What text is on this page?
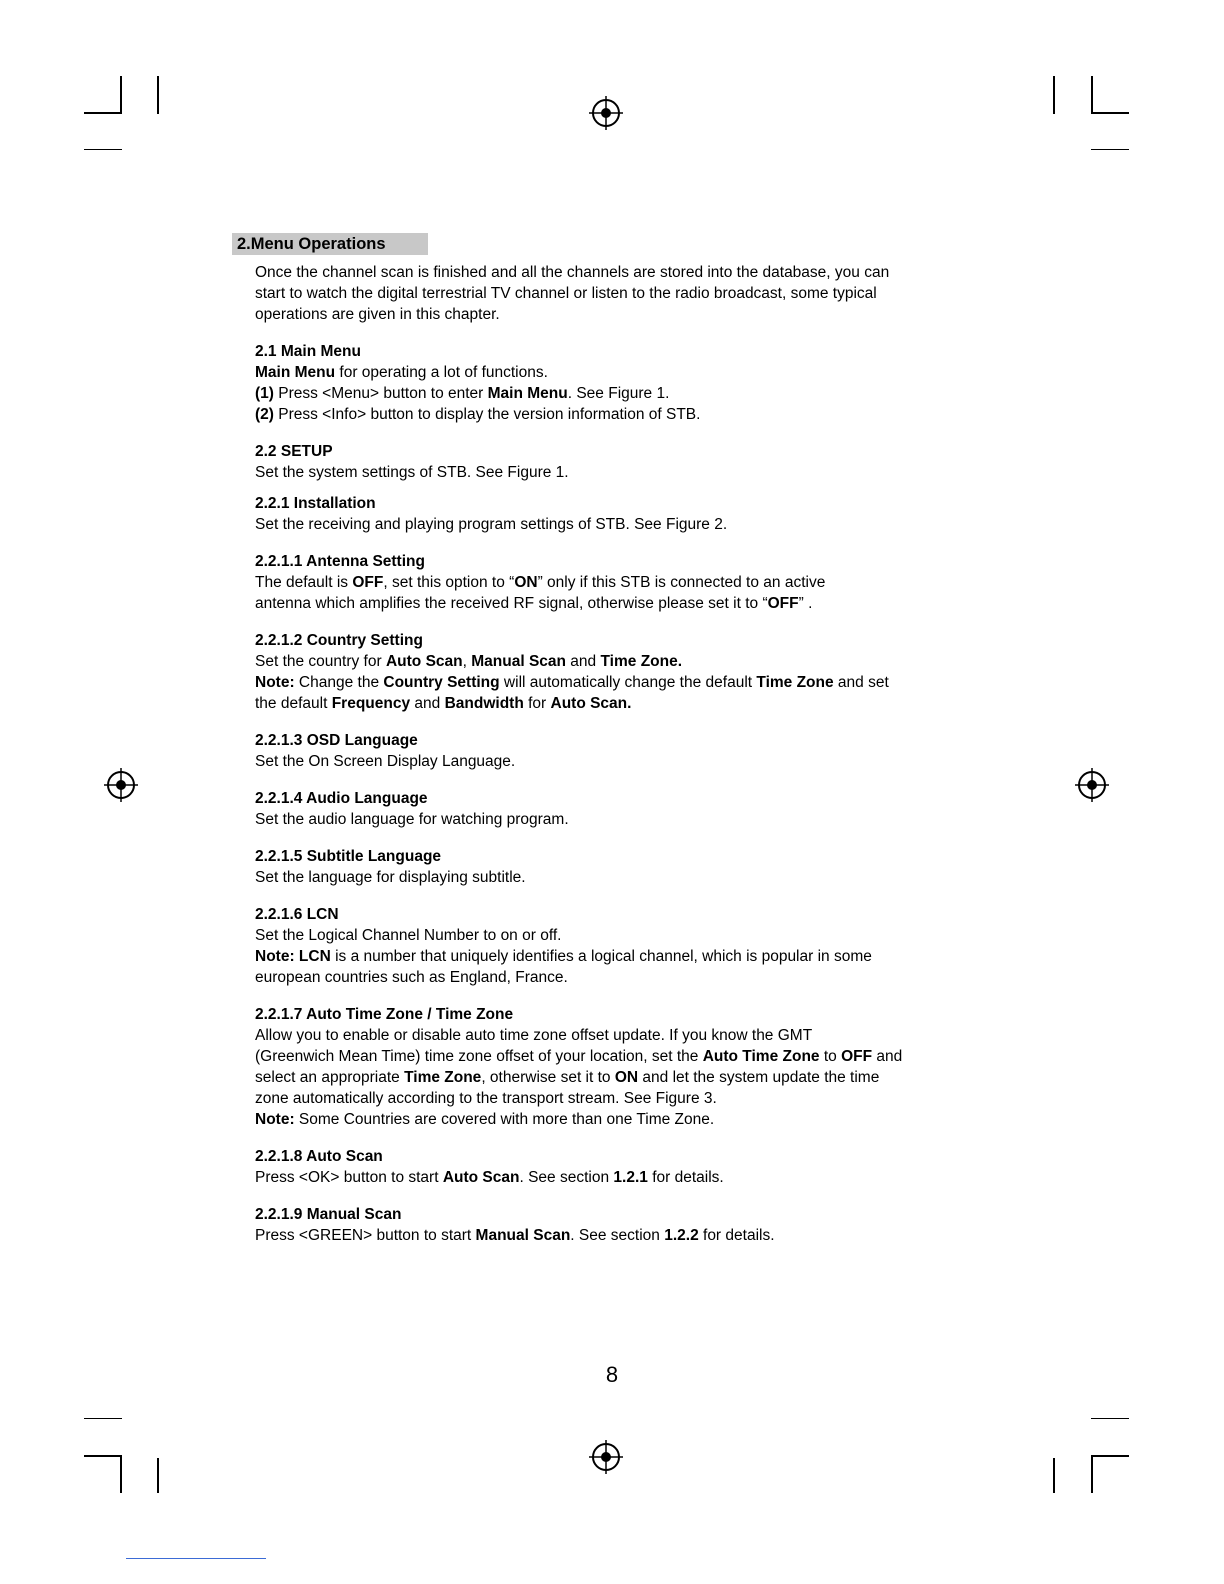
2.Menu Operations

Once the channel scan is finished and all the channels are stored into the database, you can

start to watch the digital terrestrial TV channel or listen to the radio broadcast, some typical

operations are given in this chapter.

2.1 Main Menu

Main Menu for operating a lot of functions.

(1) Press <Menu> button to enter Main Menu. See Figure 1.

(2) Press <Info> button to display the version information of STB.

2.2 SETUP

Set the system settings of STB. See Figure 1.

2.2.1 Installation

Set the receiving and playing program settings of STB. See Figure 2.

2.2.1.1 Antenna Setting

The default is OFF, set this option to “ON” only if this STB is connected to an active

antenna which amplifies the received RF signal, otherwise please set it to “OFF” .

2.2.1.2 Country Setting

Set the country for Auto Scan, Manual Scan and Time Zone.

Note: Change the Country Setting will automatically change the default Time Zone and set

the default Frequency and Bandwidth for Auto Scan.

2.2.1.3 OSD Language

Set the On Screen Display Language.

2.2.1.4 Audio Language

Set the audio language for watching program.

2.2.1.5 Subtitle Language

Set the language for displaying subtitle.

2.2.1.6 LCN

Set the Logical Channel Number to on or off.

Note: LCN is a number that uniquely identifies a logical channel, which is popular in some

european countries such as England, France.

2.2.1.7 Auto Time Zone / Time Zone

Allow you to enable or disable auto time zone offset update. If you know the GMT

(Greenwich Mean Time) time zone offset of your location, set the Auto Time Zone to OFF and

select an appropriate Time Zone, otherwise set it to ON and let the system update the time

zone automatically according to the transport stream. See Figure 3.

Note: Some Countries are covered with more than one Time Zone.

2.2.1.8 Auto Scan

Press <OK> button to start Auto Scan. See section 1.2.1 for details.

2.2.1.9 Manual Scan

Press <GREEN> button to start Manual Scan. See section 1.2.2 for details.

8
